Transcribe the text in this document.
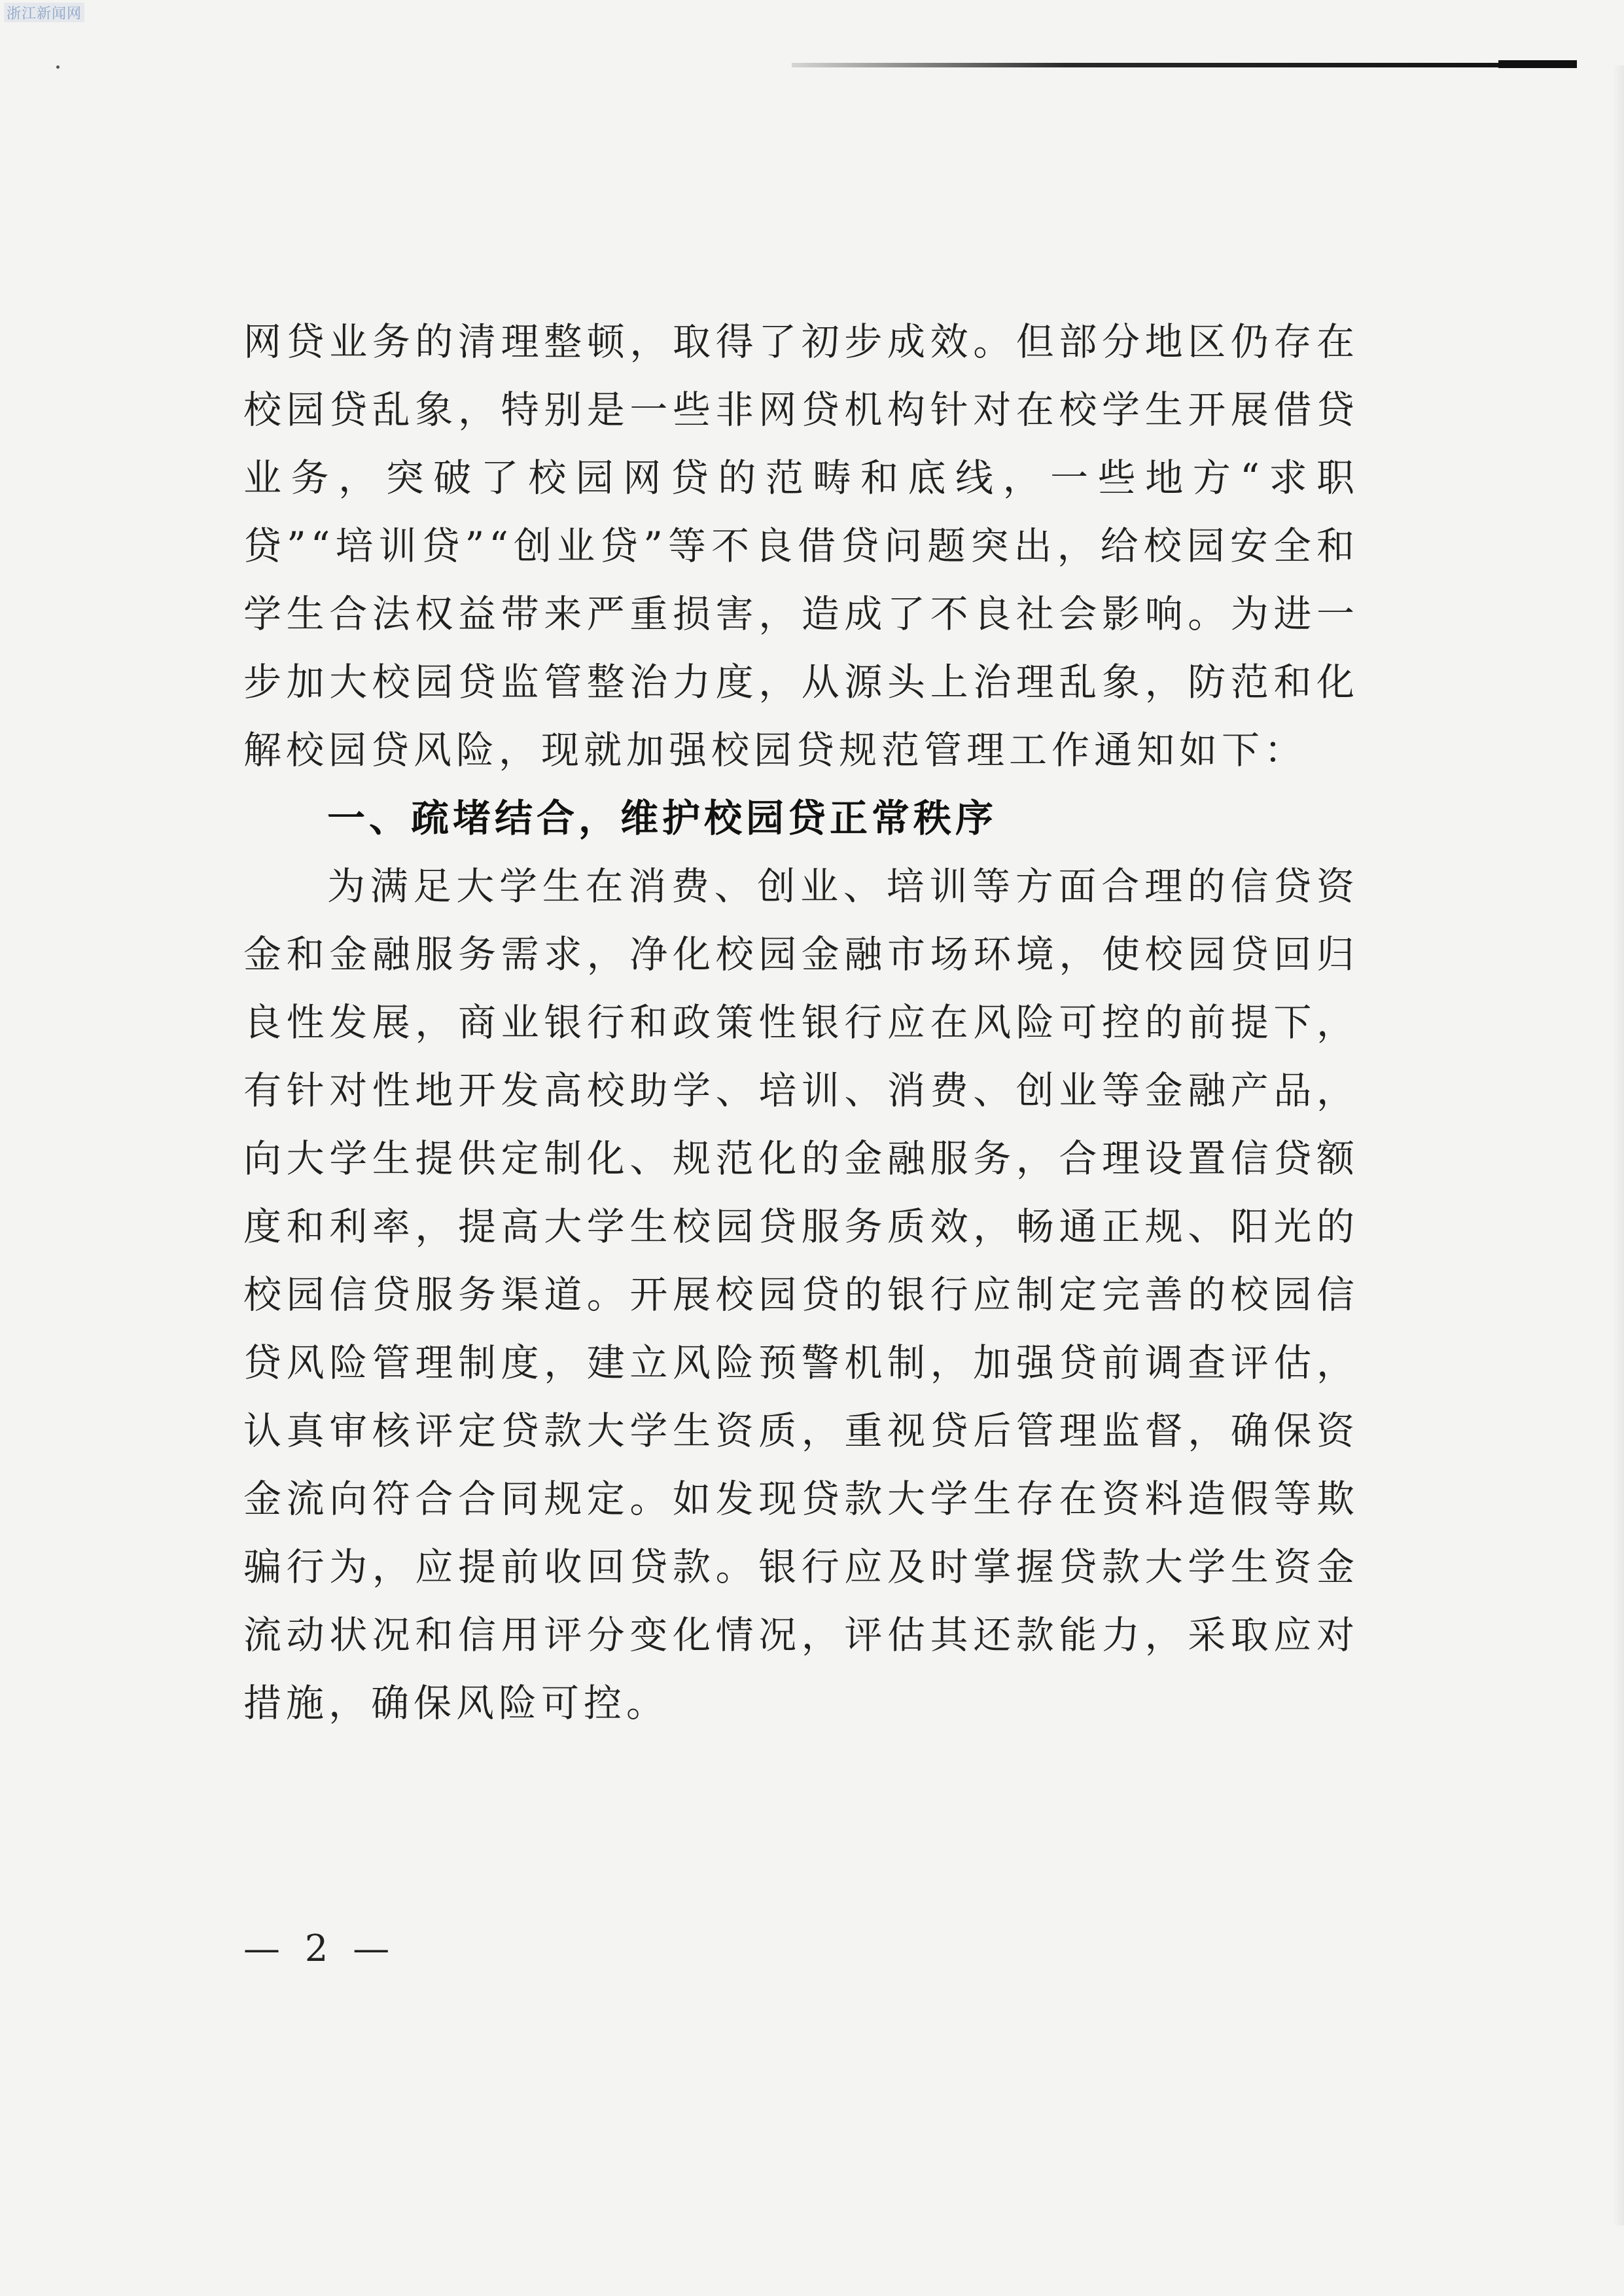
浙江新闻网

网贷业务的清理整顿，取得了初步成效。但部分地区仍存在校园贷乱象，特别是一些非网贷机构针对在校学生开展借贷业务，突破了校园网贷的范畴和底线，一些地方“求职贷”“培训贷”“创业贷”等不良借贷问题突出，给校园安全和学生合法权益带来严重损害，造成了不良社会影响。为进一步加大校园贷监管整治力度，从源头上治理乱象，防范和化解校园贷风险，现就加强校园贷规范管理工作通知如下：

一、疏堵结合，维护校园贷正常秩序

为满足大学生在消费、创业、培训等方面合理的信贷资金和金融服务需求，净化校园金融市场环境，使校园贷回归良性发展，商业银行和政策性银行应在风险可控的前提下，有针对性地开发高校助学、培训、消费、创业等金融产品，向大学生提供定制化、规范化的金融服务，合理设置信贷额度和利率，提高大学生校园贷服务质效，畅通正规、阳光的校园信贷服务渠道。开展校园贷的银行应制定完善的校园信贷风险管理制度，建立风险预警机制，加强贷前调查评估，认真审核评定贷款大学生资质，重视贷后管理监督，确保资金流向符合合同规定。如发现贷款大学生存在资料造假等欺骗行为，应提前收回贷款。银行应及时掌握贷款大学生资金流动状况和信用评分变化情况，评估其还款能力，采取应对措施，确保风险可控。

— 2 —
